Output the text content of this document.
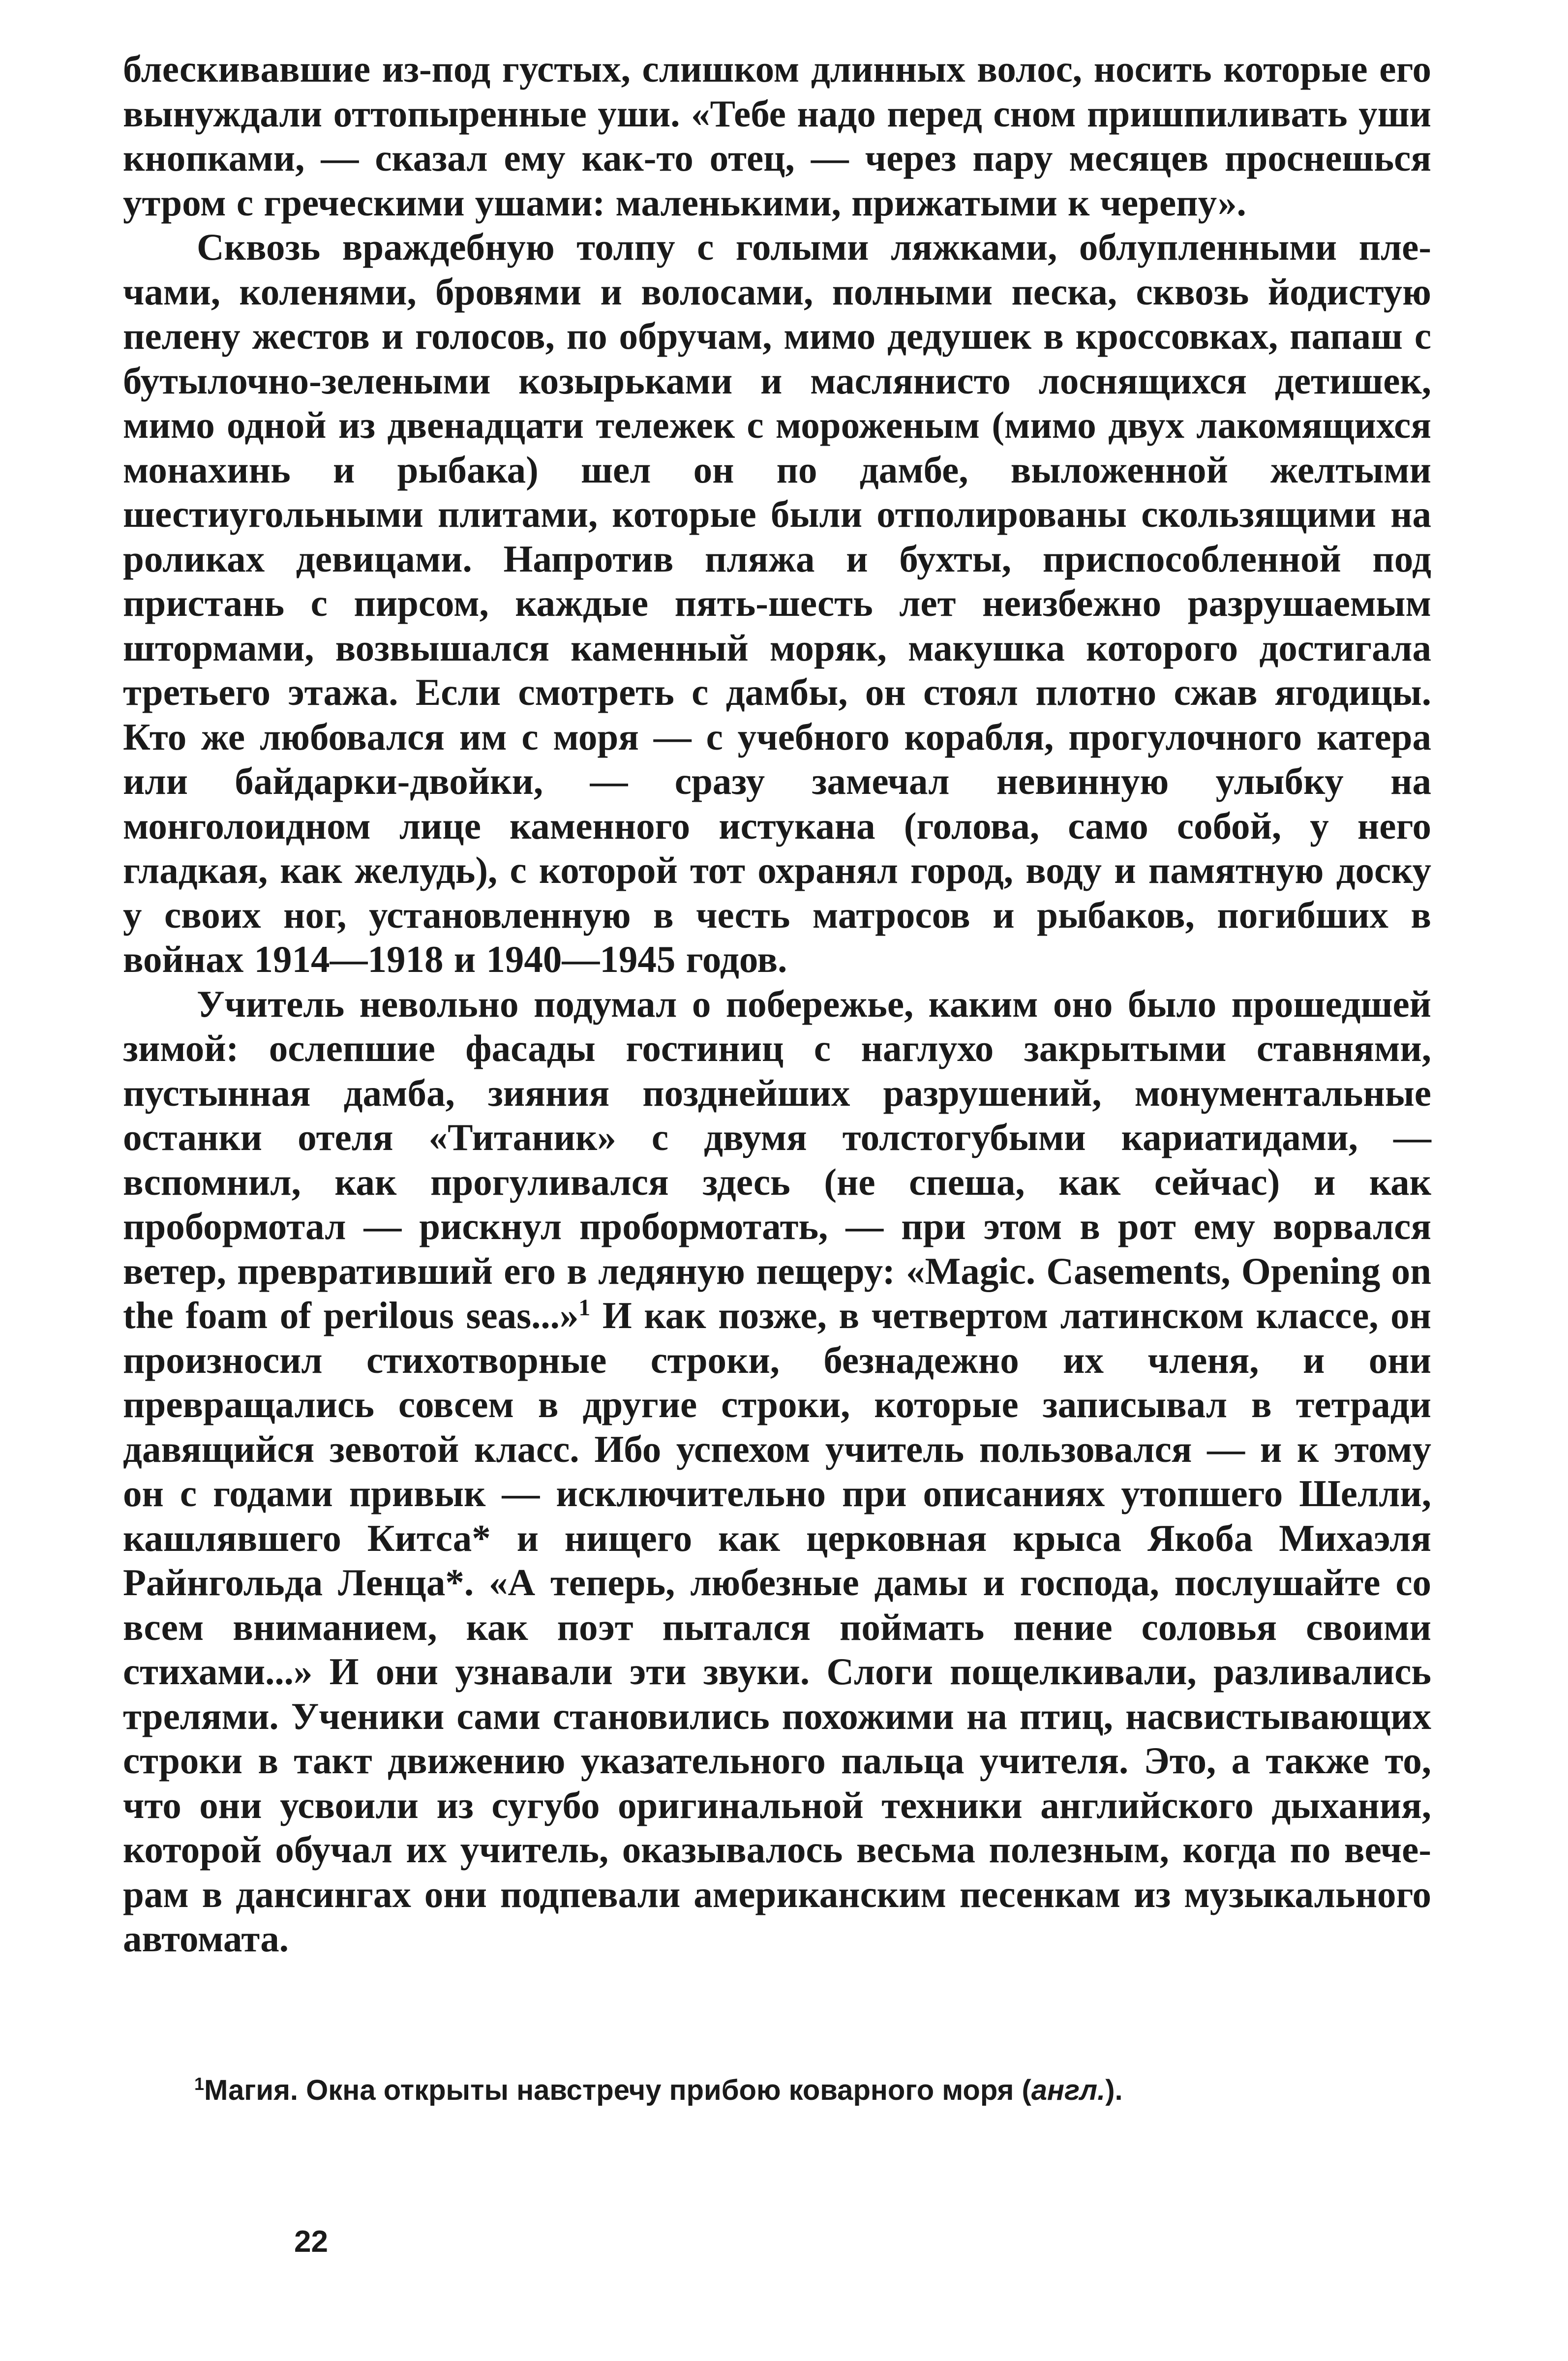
блескивавшие из-под густых, слишком длинных волос, носить которые его вынуждали оттопыренные уши. «Тебе надо перед сном пришпиливать уши кнопками, — сказал ему как-то отец, — через пару месяцев проснешься утром с греческими ушами: маленькими, прижатыми к черепу».

Сквозь враждебную толпу с голыми ляжками, облупленными плечами, коленями, бровями и волосами, полными песка, сквозь йодистую пелену жестов и голосов, по обручам, мимо дедушек в кроссовках, папаш с бутылочно-зелеными козырьками и маслянисто лоснящихся детишек, мимо одной из двенадцати тележек с мороженым (мимо двух лакомящихся монахинь и рыбака) шел он по дамбе, выложенной желтыми шестиугольными плитами, которые были отполированы скользящими на роликах девицами. Напротив пляжа и бухты, приспособленной под пристань с пирсом, каждые пять-шесть лет неизбежно разрушаемым штормами, возвышался каменный моряк, макушка которого достигала третьего этажа. Если смотреть с дамбы, он стоял плотно сжав ягодицы. Кто же любовался им с моря — с учебного корабля, прогулочного катера или байдарки-двойки, — сразу замечал невинную улыбку на монголоидном лице каменного истукана (голова, само собой, у него гладкая, как желудь), с которой тот охранял город, воду и памятную доску у своих ног, установленную в честь матросов и рыбаков, погибших в войнах 1914—1918 и 1940—1945 годов.

Учитель невольно подумал о побережье, каким оно было прошедшей зимой: ослепшие фасады гостиниц с наглухо закрытыми ставнями, пустынная дамба, зияния позднейших разрушений, монументальные останки отеля «Титаник» с двумя толстогубыми кариатидами, — вспомнил, как прогуливался здесь (не спеша, как сейчас) и как пробормотал — рискнул пробормотать, — при этом в рот ему ворвался ветер, превративший его в ледяную пещеру: «Magic. Casements, Opening on the foam of perilous seas...»$^1$ И как позже, в четвертом латинском классе, он произносил стихотворные строки, безнадежно их членя, и они превращались совсем в другие строки, которые записывал в тетради давящийся зевотой класс. Ибо успехом учитель пользовался — и к этому он с годами привык — исключительно при описаниях утопшего Шелли, кашлявшего Китса* и нищего как церковная крыса Якоба Михаэля Райнгольда Ленца*. «А теперь, любезные дамы и господа, послушайте со всем вниманием, как поэт пытался поймать пение соловья своими стихами...» И они узнавали эти звуки. Слоги пощелкивали, разливались трелями. Ученики сами становились похожими на птиц, насвистывающих строки в такт движению указательного пальца учителя. Это, а также то, что они усвоили из сугубо оригинальной техники английского дыхания, которой обучал их учитель, оказывалось весьма полезным, когда по вечерам в дансингах они подпевали американским песенкам из музыкального автомата.

$^1$Магия. Окна открыты навстречу прибою коварного моря (англ.).

22
